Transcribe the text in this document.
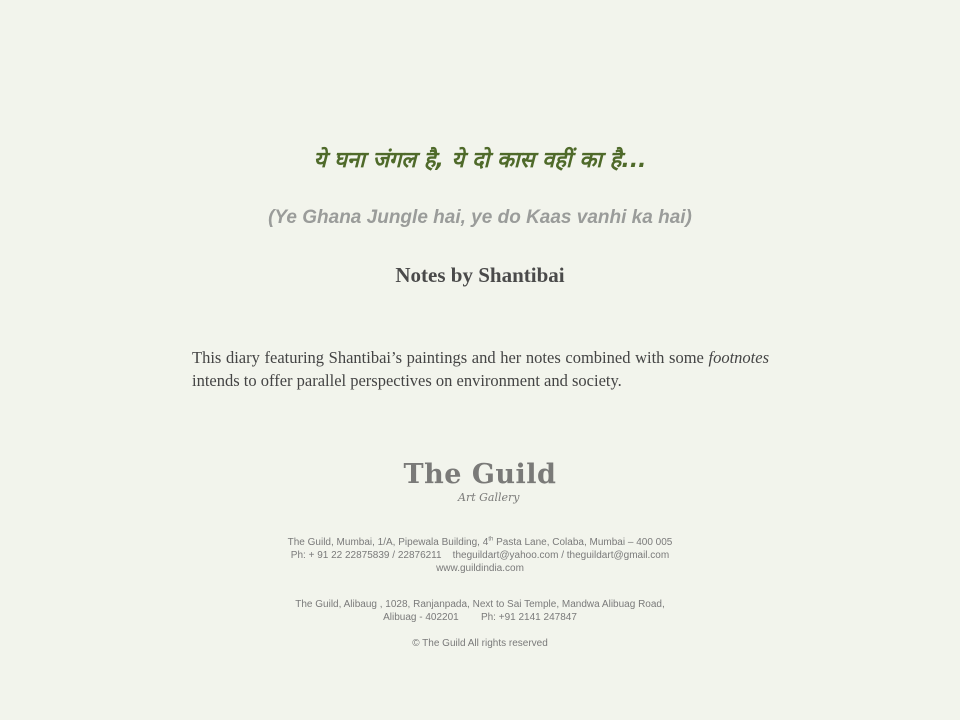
ये घना जंगल है, ये दो कास वहीं का है...
(Ye Ghana Jungle hai, ye do Kaas vanhi ka hai)
Notes by Shantibai
This diary featuring Shantibai’s paintings and her notes combined with some footnotes intends to offer parallel perspectives on environment and society.
The Guild
Art Gallery
The Guild, Mumbai, 1/A, Pipewala Building, 4th Pasta Lane, Colaba, Mumbai – 400 005
Ph: + 91 22 22875839 / 22876211    theguildart@yahoo.com / theguildart@gmail.com
www.guildindia.com
The Guild, Alibaug , 1028, Ranjanpada, Next to Sai Temple, Mandwa Alibuag Road,
Alibuag - 402201        Ph: +91 2141 247847
© The Guild All rights reserved
